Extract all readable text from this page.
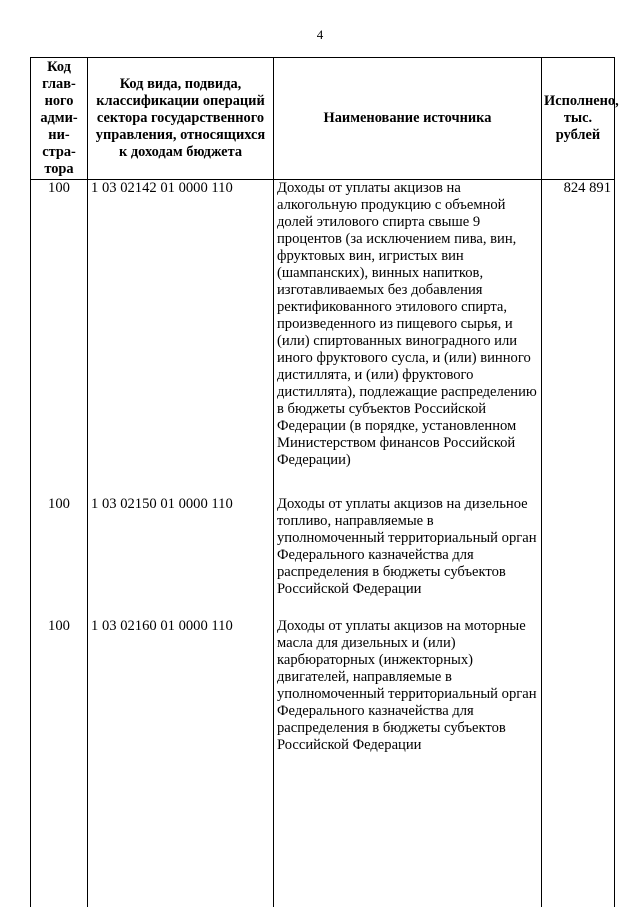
4
Код глав-ного адми-ни-стра-тора	Код вида, подвида, классификации операций сектора государственного управления, относящихся к доходам бюджета	Наименование источника	Исполнено, тыс. рублей
100	1 03 02142 01 0000 110	Доходы от уплаты акцизов на алкогольную продукцию с объемной долей этилового спирта свыше 9 процентов (за исключением пива, вин, фруктовых вин, игристых вин (шампанских), винных напитков, изготавливаемых без добавления ректификованного этилового спирта, произведенного из пищевого сырья, и (или) спиртованных виноградного или иного фруктового сусла, и (или) винного дистиллята, и (или) фруктового дистиллята), подлежащие распределению в бюджеты субъектов Российской Федерации (в порядке, установленном Министерством финансов Российской Федерации)	824 891
100	1 03 02150 01 0000 110	Доходы от уплаты акцизов на дизельное топливо, направляемые в уполномоченный территориальный орган Федерального казначейства для распределения в бюджеты субъектов Российской Федерации	
100	1 03 02160 01 0000 110	Доходы от уплаты акцизов на моторные масла для дизельных и (или) карбюраторных (инжекторных) двигателей, направляемые в уполномоченный территориальный орган Федерального казначейства для распределения в бюджеты субъектов Российской Федерации	
